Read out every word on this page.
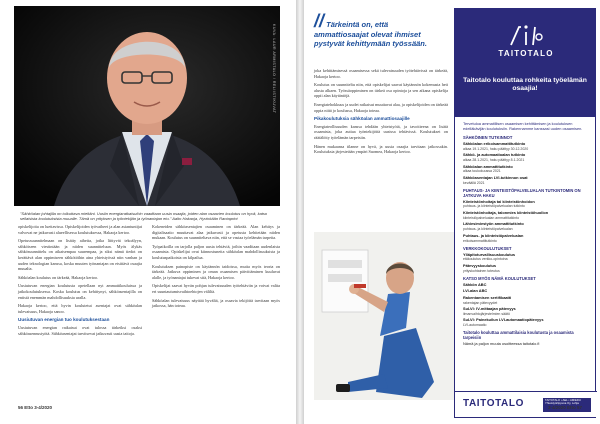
KUVA: LAUR ARMISTALO / RELIISTIKUVAT
"Sähköalan johtajilla on tulkuttava mieltäni. Uusiin energiaratkaisuihin vaaditaan uusia osaajia, joiden alan osaavien koulutus on hyvä, katso sellaisista koulutuksista muualle. Tämä on yrityksen ja työntekijän ja työnantajan etu." Aalto Hakaoja, Hyvinkään Rantaprint

opiskelijoita on luettavissa. Opiskelijoiden työvaiheet ja alan asiantuntijat valvovat ne jatkuvasti alueellisessa koulutuksessa, Hakaoja kertoo.

Opetussuunnitelmaan on lisätty aiheita, jotka liittyvät tekoälyyn, sähköiseen viestintään ja niiden suunnitteluun. Myös älykäs sähkösuunnittelu on aikaisempaa suurempaa, ja siksi nämä tiedot on kerättävä alan oppimiseen sähkötöihin aina yhteistyössä niin vanhan ja uuden teknologian kanssa, koska muuten työnantajan on etsittävä osaajia muualta.

Sähköalan koulutus on tärkeää, Hakaoja kertoo.

Uusiutuvan energian koulutusta opetellaan nyt ammattikouluissa ja jatkokoulutuksessa. Koska koulutus on kehittynyt, sähköasentajilla on entistä enemmän mahdollisuuksia uralla.

Hakaoja kertoo, että hyvin koulutetut asentajat ovat sähköalan tulevaisuus, Hakaoja sanoo.

Uusiutuvan energian tuo koulutuksestaan

Uusiutuvan energian ratkaisut ovat tulossa tärkeiksi osaksi sähköasennustyötä. Sähköasentajat tarvitsevat jatkuvasti uusia taitoja.

Kokeneiden sähköasentajien osaaminen on tärkeää. Alan kehitys ja digitalisaatio muuttavat alaa jatkuvasti ja opetusta kehitetään niiden mukaan. Koulutus on suunniteltava niin, että se vastaa työelämän tarpeita.

Työpaikoilla on tarjolla paljon uusia tehtäviä, joihin vaaditaan uudenlaista osaamista. Opiskelijat ovat kiinnostuneita sähköalan mahdollisuuksista ja koulutuspaikoista on kilpailua.

Koulutuksen painopiste on käytännön taidoissa, mutta myös teoria on tärkeää. Jatkuva oppiminen ja oman osaamisen päivittäminen kuuluvat alalle, ja työnantajat tukevat sitä, Hakaoja kertoo.

Opiskelijat saavat hyvän pohjan tulevaisuuden työtehtäviin ja voivat valita eri suuntautumisvaihtoehtojen väliltä.

Sähköalan tulevaisuus näyttää hyvältä, ja osaavia tekijöitä tarvitaan myös jatkossa, hän toteaa.

56 Etto 3-4/2020
// Tärkeintä on, että ammattiosaajat olevat ihmiset pystyvät kehittymään työssään.

joka kehittämisessä osaamisessa sekä tulevaisuuden työtehtävissä on tärkeää, Hakaoja kertoo.

Koulutus on suunniteltu niin, että opiskelijat saavat käytännön kokemusta heti alusta alkaen. Työssäoppiminen on tärkeä osa opintoja ja sen aikana opiskelija oppii alan käytäntöjä.

Energiatehokkuus ja uudet ratkaisut muuttavat alaa, ja opiskelijoiden on tärkeää oppia niitä jo koulussa, Hakaoja toteaa.

Pikakoulutuksia sähköalan ammattiosaajille

Energiateollisuuden kanssa tehdään yhteistyötä, ja tavoitteena on lisätä osaamista, joka auttaa työntekijöitä uusissa tehtävissä. Koulutukset on räätälöity työelämän tarpeisiin.

Hänen mukaansa tilanne on hyvä, ja uusia osaajia tarvitaan jatkossakin. Koulutuksia järjestetään ympäri Suomea, Hakaoja kertoo.

TAITOTALO
Taitotalo kouluttaa rohkeita työelämän osaajia!
Tervetuloa ammatillisen osaamisen kehittämisen ja koulutuksen edelläkävijän koulutuksiin. Rakennamme kanssasi uuden osaamisen.
SÄHKÖINEN TUTKINNOT
Sähköalan erikoisammattitutkinto
alkaa 19.1.2021, haku päättyy 30.12.2020
Sähkö- ja automaatioalan tutkinto
alkaa 28.1.2021, haku päättyy 8.1.2021
Sähköalan ammattitutkinto
alkaa toukokuussa 2021
Sähköasentajan LVI-tutkinnon osat
keväällä 2021
PUHTAUS- JA KIINTEISTÖPALVELUALAN TUTKINTOMIN ON JATKUVA HAKU
Kiinteistönhoitaja tai kiinteistönhoidon
puhtaus- ja kiinteistöpalvelualan tutkinto
Kiinteistönhoitaja, talonmies kiinteistöhuollon
kiinteistöpalvelualan ammattitutkinto
Lähiesimiestyön ammattitutkinto
puhtaus- ja kiinteistöpalvelualan
Puhtaus- ja kiinteistöpalvelualan
erikoisammattitutkinto
VERKKOKOULUTUKSET
Ylläpitoturvallisuuskoulutus
etäkoulutus verkko-opintoina
Pätevyyskoulutus
yrityskohtainen toteutus
KATSO MYÖS NÄMÄ KOULUTUKSET
Sähkön ABC
LVI-alan ABC
Rakentamisen sertifikaatti
rakentajan pätevyydet
SuLVI: IV-mittaajan pätevyys
ilmanvaihtojärjestelmien säätö
SuLVI: Painekuilun LVI-automaatiopätevyys
LVI-automaatio
Taitotalo kouluttaa ammattilaisia koulutusta ja osaamista tarpeisiin
Nämä ja paljon muuta osoitteessa taitotalo.fi
TAITOTALO	TAITOTALO • AEL • AMIEDU Yhteistyöriippuva Oy, Lohja
3-4/2020 Etto 57
